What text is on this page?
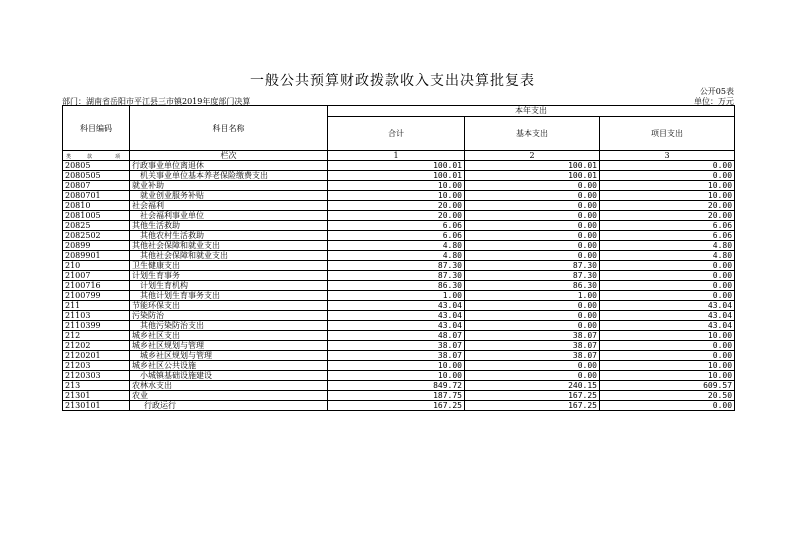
一般公共预算财政拨款收入支出决算批复表
公开05表
部门：湖南省岳阳市平江县三市镇2019年度部门决算	单位：万元
科目编码	科目名称	本年支出		
		合计	基本支出	项目支出

类 款 项	栏次	1	2	3
20805	行政事业单位离退休	100.01	100.01	0.00
2080505	机关事业单位基本养老保险缴费支出	100.01	100.01	0.00
20807	就业补助	10.00	0.00	10.00
2080701	就业创业服务补贴	10.00	0.00	10.00
20810	社会福利	20.00	0.00	20.00
2081005	社会福利事业单位	20.00	0.00	20.00
20825	其他生活救助	6.06	0.00	6.06
2082502	其他农村生活救助	6.06	0.00	6.06
20899	其他社会保障和就业支出	4.80	0.00	4.80
2089901	其他社会保障和就业支出	4.80	0.00	4.80
210	卫生健康支出	87.30	87.30	0.00
21007	计划生育事务	87.30	87.30	0.00
2100716	计划生育机构	86.30	86.30	0.00
2100799	其他计划生育事务支出	1.00	1.00	0.00
211	节能环保支出	43.04	0.00	43.04
21103	污染防治	43.04	0.00	43.04
2110399	其他污染防治支出	43.04	0.00	43.04
212	城乡社区支出	48.07	38.07	10.00
21202	城乡社区规划与管理	38.07	38.07	0.00
2120201	城乡社区规划与管理	38.07	38.07	0.00
21203	城乡社区公共设施	10.00	0.00	10.00
2120303	小城镇基础设施建设	10.00	0.00	10.00
213	农林水支出	849.72	240.15	609.57
21301	农业	187.75	167.25	20.50
2130101	行政运行	167.25	167.25	0.00
